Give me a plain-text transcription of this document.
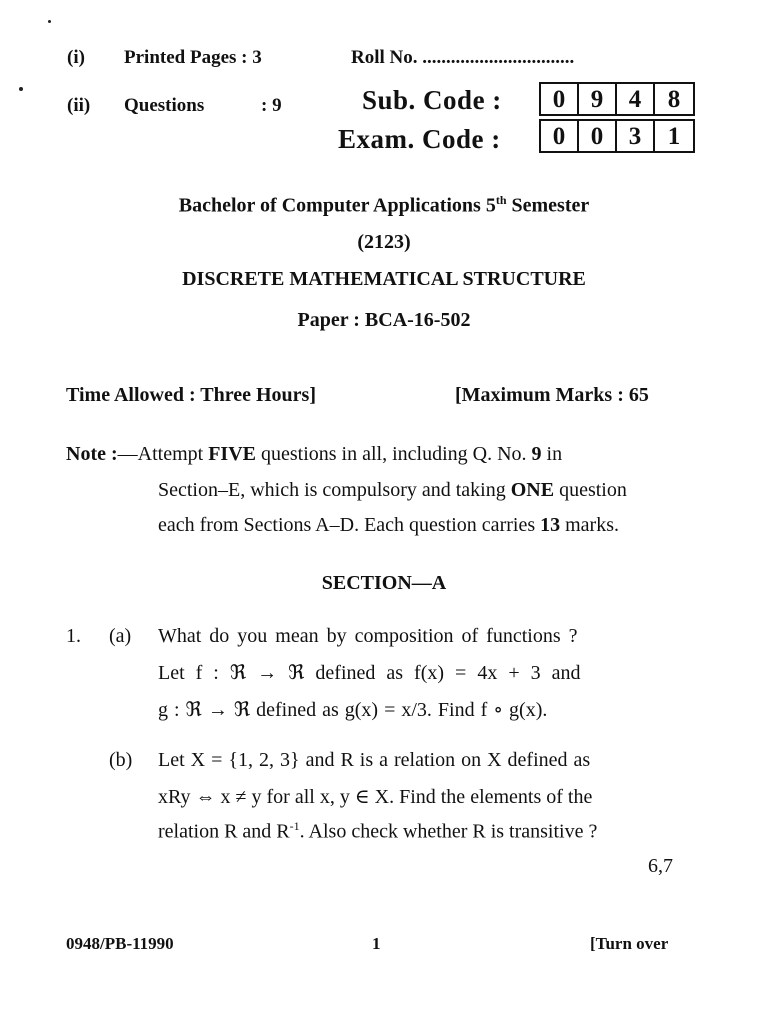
(i) Printed Pages : 3	Roll No. ................................
(ii) Questions	: 9	Sub. Code :	0	9	4	8
Exam. Code :	0	0	3	1
Bachelor of Computer Applications 5th Semester
(2123)
DISCRETE MATHEMATICAL STRUCTURE
Paper : BCA-16-502
Time Allowed : Three Hours]	[Maximum Marks : 65
Note :—Attempt FIVE questions in all, including Q. No. 9 in
Section–E, which is compulsory and taking ONE question
each from Sections A–D. Each question carries 13 marks.
SECTION—A
1. (a) What do you mean by composition of functions ?
Let f : ℜ → ℜ defined as f(x) = 4x + 3 and
g : ℜ → ℜ defined as g(x) = x/3. Find f ∘ g(x).
(b) Let X = {1, 2, 3} and R is a relation on X defined as
xRy ⇔ x ≠ y for all x, y ∈ X. Find the elements of the
relation R and $R^{-1}$. Also check whether R is transitive ?
6,7
0948/PB-11990	1	[Turn over
